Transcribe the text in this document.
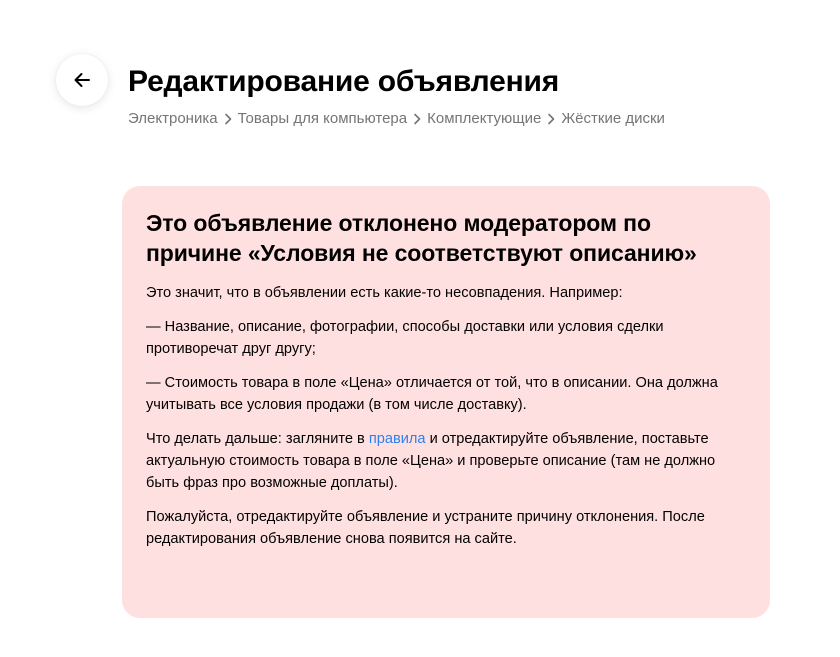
Редактирование объявления
Электроника Товары для компьютера Комплектующие Жёсткие диски
Это объявление отклонено модератором по причине «Условия не соответствуют описанию»

Это значит, что в объявлении есть какие-то несовпадения. Например:

— Название, описание, фотографии, способы доставки или условия сделки противоречат друг другу;

— Стоимость товара в поле «Цена» отличается от той, что в описании. Она должна учитывать все условия продажи (в том числе доставку).

Что делать дальше: загляните в правила и отредактируйте объявление, поставьте актуальную стоимость товара в поле «Цена» и проверьте описание (там не должно быть фраз про возможные доплаты).

Пожалуйста, отредактируйте объявление и устраните причину отклонения. После редактирования объявление снова появится на сайте.
